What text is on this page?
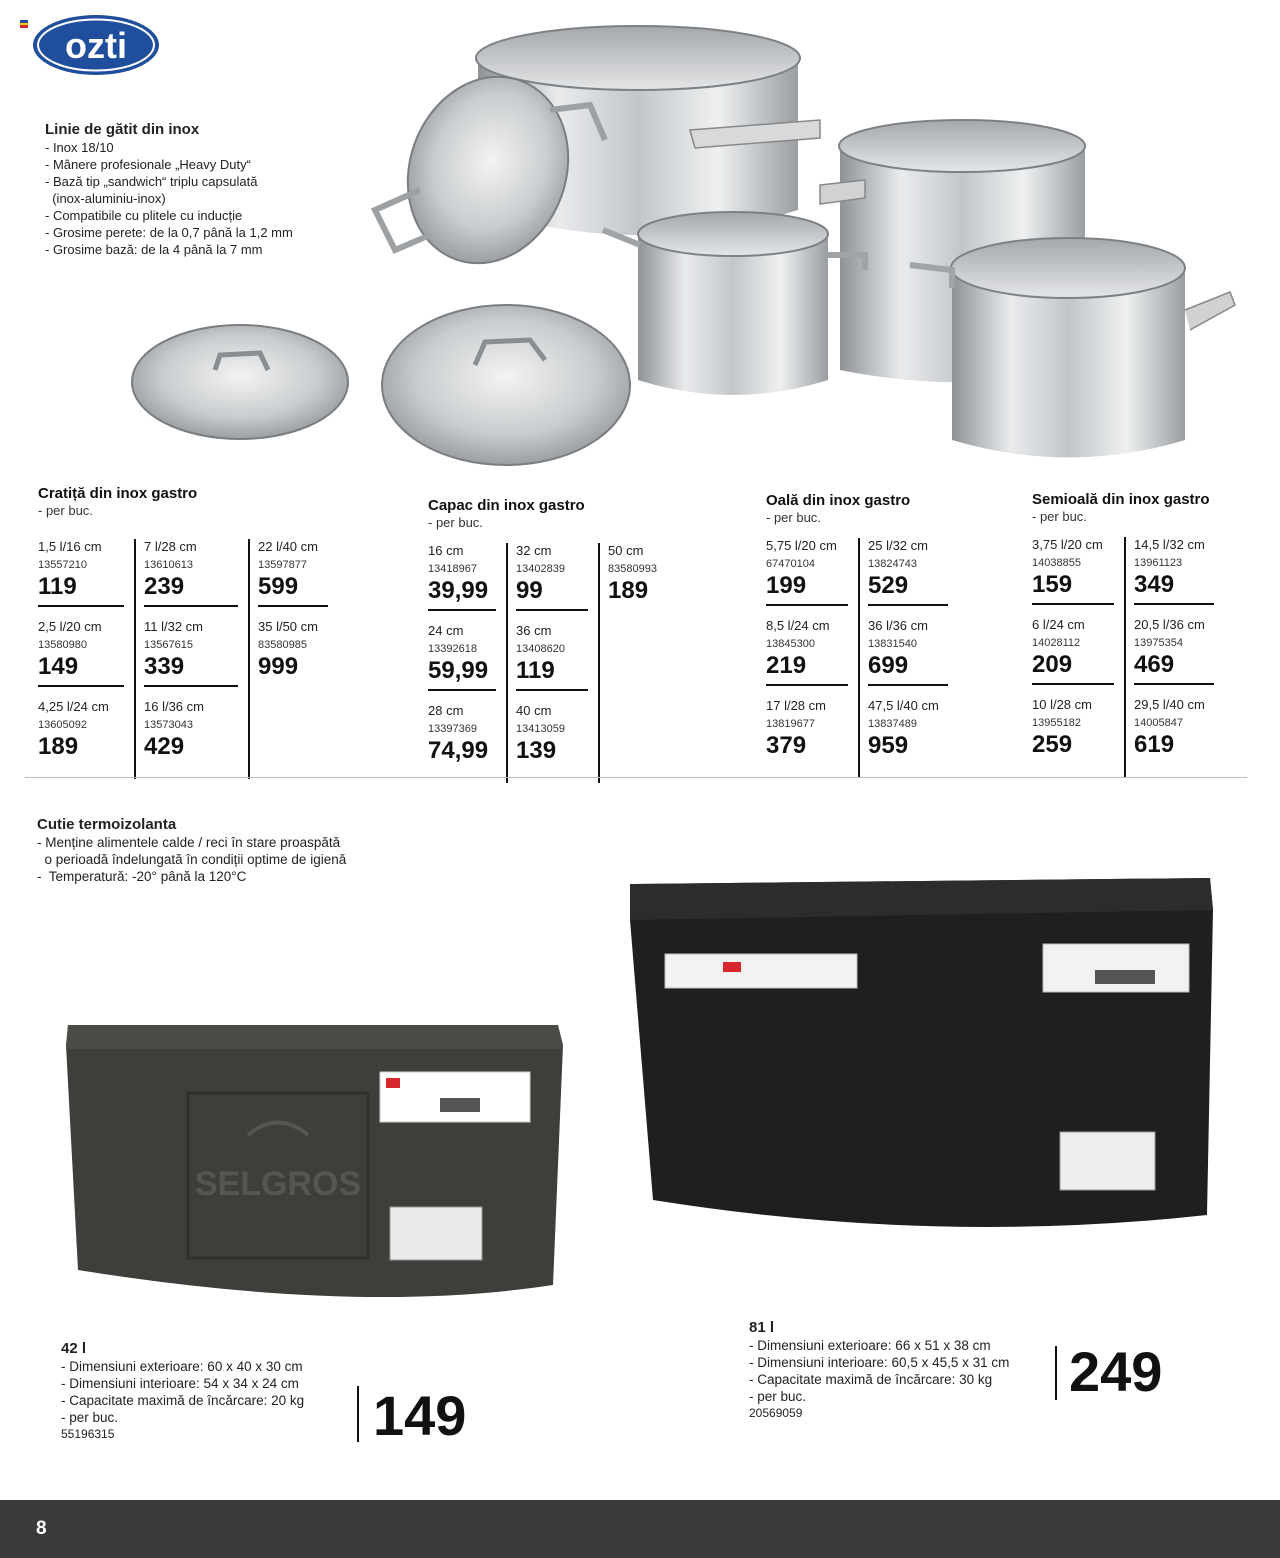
ozti
Linie de gătit din inox
- Inox 18/10
- Mânere profesionale „Heavy Duty“
- Bază tip „sandwich“ triplu capsulată
(inox-aluminiu-inox)
- Compatibile cu plitele cu inducție
- Grosime perete: de la 0,7 până la 1,2 mm
- Grosime bază: de la 4 până la 7 mm
Cratiță din inox gastro
- per buc.
1,5 l/16 cm
13557210
119
2,5 l/20 cm
13580980
149
4,25 l/24 cm
13605092
189
7 l/28 cm
13610613
239
11 l/32 cm
13567615
339
16 l/36 cm
13573043
429
22 l/40 cm
13597877
599
35 l/50 cm
83580985
999
Capac din inox gastro
- per buc.
16 cm
13418967
39,99
24 cm
13392618
59,99
28 cm
13397369
74,99
32 cm
13402839
99
36 cm
13408620
119
40 cm
13413059
139
50 cm
83580993
189
Oală din inox gastro
- per buc.
5,75 l/20 cm
67470104
199
8,5 l/24 cm
13845300
219
17 l/28 cm
13819677
379
25 l/32 cm
13824743
529
36 l/36 cm
13831540
699
47,5 l/40 cm
13837489
959
Semioală din inox gastro
- per buc.
3,75 l/20 cm
14038855
159
6 l/24 cm
14028112
209
10 l/28 cm
13955182
259
14,5 l/32 cm
13961123
349
20,5 l/36 cm
13975354
469
29,5 l/40 cm
14005847
619
Cutie termoizolanta
- Menține alimentele calde / reci în stare proaspătă
o perioadă îndelungată în condiții optime de igienă
-  Temperatură: -20° până la 120°C
SELGROS
42 l
- Dimensiuni exterioare: 60 x 40 x 30 cm
- Dimensiuni interioare: 54 x 34 x 24 cm
- Capacitate maximă de încărcare: 20 kg
- per buc.
55196315	149
81 l
- Dimensiuni exterioare: 66 x 51 x 38 cm
- Dimensiuni interioare: 60,5 x 45,5 x 31 cm
- Capacitate maximă de încărcare: 30 kg
- per buc.
20569059
249
8
